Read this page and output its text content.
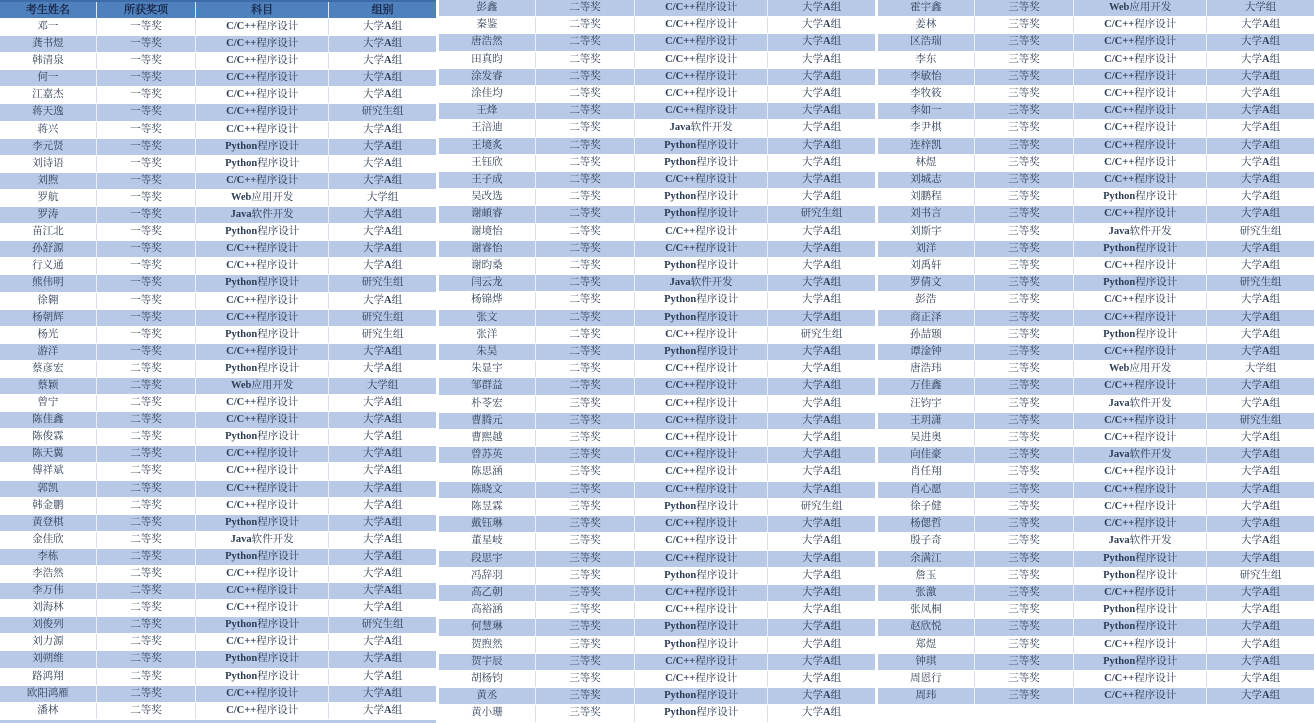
考生姓名	所获奖项	科目	组别
邓一	一等奖	C/C++程序设计	大学A组
龚书煜	一等奖	C/C++程序设计	大学A组
韩清泉	一等奖	C/C++程序设计	大学A组
何一	一等奖	C/C++程序设计	大学A组
江嘉杰	一等奖	C/C++程序设计	大学A组
蒋天逸	一等奖	C/C++程序设计	研究生组
蒋兴	一等奖	C/C++程序设计	大学A组
李元贤	一等奖	Python程序设计	大学A组
刘诗语	一等奖	Python程序设计	大学A组
刘煦	一等奖	C/C++程序设计	大学A组
罗航	一等奖	Web应用开发	大学组
罗涛	一等奖	Java软件开发	大学A组
苗江北	一等奖	Python程序设计	大学A组
孙舒源	一等奖	C/C++程序设计	大学A组
行义通	一等奖	C/C++程序设计	大学A组
熊伟明	一等奖	Python程序设计	研究生组
徐翱	一等奖	C/C++程序设计	大学A组
杨朝辉	一等奖	C/C++程序设计	研究生组
杨光	一等奖	Python程序设计	研究生组
游洋	一等奖	C/C++程序设计	大学A组
蔡彦宏	二等奖	Python程序设计	大学A组
蔡颖	二等奖	Web应用开发	大学组
曾宁	二等奖	C/C++程序设计	大学A组
陈佳鑫	二等奖	C/C++程序设计	大学A组
陈俊霖	二等奖	Python程序设计	大学A组
陈天翼	二等奖	C/C++程序设计	大学A组
傅祥斌	二等奖	C/C++程序设计	大学A组
郭凯	二等奖	C/C++程序设计	大学A组
韩金鹏	二等奖	C/C++程序设计	大学A组
黄登棋	二等奖	Python程序设计	大学A组
金佳欣	二等奖	Java软件开发	大学A组
李栋	二等奖	Python程序设计	大学A组
李浩然	二等奖	C/C++程序设计	大学A组
李万伟	二等奖	C/C++程序设计	大学A组
刘海林	二等奖	C/C++程序设计	大学A组
刘俊列	二等奖	Python程序设计	研究生组
刘力源	二等奖	C/C++程序设计	大学A组
刘朔维	二等奖	Python程序设计	大学A组
路鸿翔	二等奖	Python程序设计	大学A组
欧阳鸿雁	二等奖	C/C++程序设计	大学A组
潘林	二等奖	C/C++程序设计	大学A组
彭鑫	二等奖	C/C++程序设计	大学A组
秦鉴	二等奖	C/C++程序设计	大学A组
唐浩然	二等奖	C/C++程序设计	大学A组
田真昀	二等奖	C/C++程序设计	大学A组
涂发睿	二等奖	C/C++程序设计	大学A组
涂佳均	二等奖	C/C++程序设计	大学A组
王烽	二等奖	C/C++程序设计	大学A组
王涪迪	二等奖	Java软件开发	大学A组
王境炙	二等奖	Python程序设计	大学A组
王钰欣	二等奖	Python程序设计	大学A组
王子成	二等奖	C/C++程序设计	大学A组
吴改选	二等奖	Python程序设计	大学A组
谢頔睿	二等奖	Python程序设计	研究生组
谢境怡	二等奖	C/C++程序设计	大学A组
谢睿怡	二等奖	C/C++程序设计	大学A组
谢昀桑	二等奖	Python程序设计	大学A组
闫云龙	二等奖	Java软件开发	大学A组
杨锦烨	二等奖	Python程序设计	大学A组
张文	二等奖	Python程序设计	大学A组
张洋	二等奖	C/C++程序设计	研究生组
朱昊	二等奖	Python程序设计	大学A组
朱显宇	二等奖	C/C++程序设计	大学A组
邹群益	二等奖	C/C++程序设计	大学A组
朴苓宏	三等奖	C/C++程序设计	大学A组
曹腾元	三等奖	C/C++程序设计	大学A组
曹熙越	三等奖	C/C++程序设计	大学A组
曾苏英	三等奖	C/C++程序设计	大学A组
陈思涵	三等奖	C/C++程序设计	大学A组
陈晓文	三等奖	C/C++程序设计	大学A组
陈昱霖	三等奖	Python程序设计	研究生组
戴钰琳	三等奖	C/C++程序设计	大学A组
董星岐	三等奖	C/C++程序设计	大学A组
段思宇	三等奖	C/C++程序设计	大学A组
冯辞羽	三等奖	Python程序设计	大学A组
高乙朝	三等奖	C/C++程序设计	大学A组
高裕涵	三等奖	C/C++程序设计	大学A组
何慧琳	三等奖	Python程序设计	大学A组
贺煦然	三等奖	Python程序设计	大学A组
贺宇辰	三等奖	C/C++程序设计	大学A组
胡杨钧	三等奖	C/C++程序设计	大学A组
黄丞	三等奖	Python程序设计	大学A组
黄小珊	三等奖	Python程序设计	大学A组
霍宇鑫	三等奖	Web应用开发	大学组
姜林	三等奖	C/C++程序设计	大学A组
区浩瑞	三等奖	C/C++程序设计	大学A组
李东	三等奖	C/C++程序设计	大学A组
李敏怡	三等奖	C/C++程序设计	大学A组
李牧筱	三等奖	C/C++程序设计	大学A组
李如一	三等奖	C/C++程序设计	大学A组
李尹棋	三等奖	C/C++程序设计	大学A组
连梓凯	三等奖	C/C++程序设计	大学A组
林煜	三等奖	C/C++程序设计	大学A组
刘城志	三等奖	C/C++程序设计	大学A组
刘鹏程	三等奖	Python程序设计	大学A组
刘书言	三等奖	C/C++程序设计	大学A组
刘斯宇	三等奖	Java软件开发	研究生组
刘洋	三等奖	Python程序设计	大学A组
刘禹轩	三等奖	C/C++程序设计	大学A组
罗倩文	三等奖	Python程序设计	研究生组
彭浩	三等奖	C/C++程序设计	大学A组
商正泽	三等奖	C/C++程序设计	大学A组
孙喆颋	三等奖	Python程序设计	大学A组
谭淦钟	三等奖	C/C++程序设计	大学A组
唐浩玮	三等奖	Web应用开发	大学组
万佳鑫	三等奖	C/C++程序设计	大学A组
汪钧宇	三等奖	Java软件开发	大学A组
王玥潇	三等奖	C/C++程序设计	研究生组
吴进奥	三等奖	C/C++程序设计	大学A组
向佳豪	三等奖	Java软件开发	大学A组
肖任翔	三等奖	C/C++程序设计	大学A组
肖心愿	三等奖	C/C++程序设计	大学A组
徐子健	三等奖	C/C++程序设计	大学A组
杨偲哲	三等奖	C/C++程序设计	大学A组
殷子奇	三等奖	Java软件开发	大学A组
余满江	三等奖	Python程序设计	大学A组
詹玉	三等奖	Python程序设计	研究生组
张激	三等奖	C/C++程序设计	大学A组
张凤桐	三等奖	Python程序设计	大学A组
赵欣悦	三等奖	Python程序设计	大学A组
郑煜	三等奖	C/C++程序设计	大学A组
钟琪	三等奖	Python程序设计	大学A组
周恩行	三等奖	C/C++程序设计	大学A组
周玮	三等奖	C/C++程序设计	大学A组
